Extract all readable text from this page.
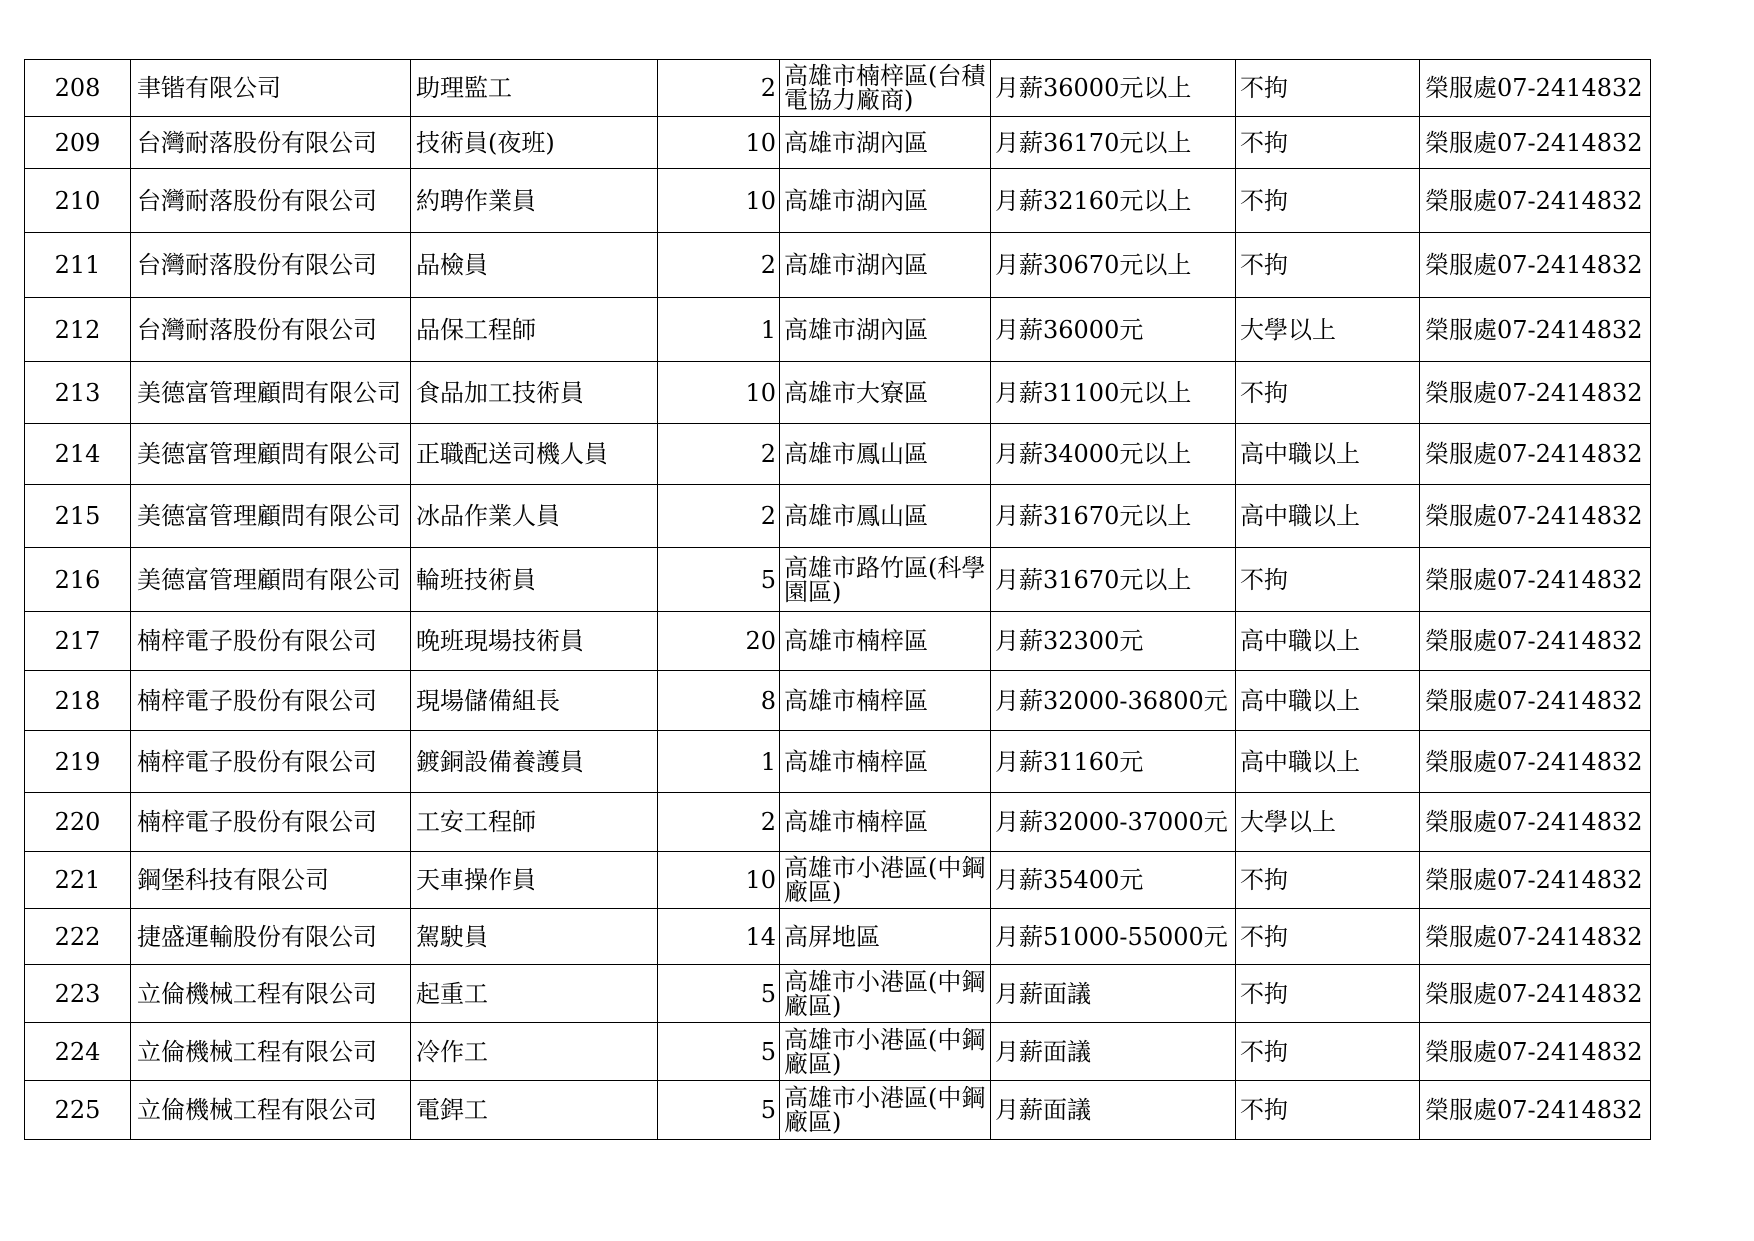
208	聿锴有限公司	助理監工	2	高雄市楠梓區(台積電協力廠商)	月薪36000元以上	不拘	榮服處07-2414832
209	台灣耐落股份有限公司	技術員(夜班)	10	高雄市湖內區	月薪36170元以上	不拘	榮服處07-2414832
210	台灣耐落股份有限公司	約聘作業員	10	高雄市湖內區	月薪32160元以上	不拘	榮服處07-2414832
211	台灣耐落股份有限公司	品檢員	2	高雄市湖內區	月薪30670元以上	不拘	榮服處07-2414832
212	台灣耐落股份有限公司	品保工程師	1	高雄市湖內區	月薪36000元	大學以上	榮服處07-2414832
213	美德富管理顧問有限公司	食品加工技術員	10	高雄市大寮區	月薪31100元以上	不拘	榮服處07-2414832
214	美德富管理顧問有限公司	正職配送司機人員	2	高雄市鳳山區	月薪34000元以上	高中職以上	榮服處07-2414832
215	美德富管理顧問有限公司	冰品作業人員	2	高雄市鳳山區	月薪31670元以上	高中職以上	榮服處07-2414832
216	美德富管理顧問有限公司	輪班技術員	5	高雄市路竹區(科學園區)	月薪31670元以上	不拘	榮服處07-2414832
217	楠梓電子股份有限公司	晚班現場技術員	20	高雄市楠梓區	月薪32300元	高中職以上	榮服處07-2414832
218	楠梓電子股份有限公司	現場儲備組長	8	高雄市楠梓區	月薪32000-36800元	高中職以上	榮服處07-2414832
219	楠梓電子股份有限公司	鍍銅設備養護員	1	高雄市楠梓區	月薪31160元	高中職以上	榮服處07-2414832
220	楠梓電子股份有限公司	工安工程師	2	高雄市楠梓區	月薪32000-37000元	大學以上	榮服處07-2414832
221	鋼堡科技有限公司	天車操作員	10	高雄市小港區(中鋼廠區)	月薪35400元	不拘	榮服處07-2414832
222	捷盛運輸股份有限公司	駕駛員	14	高屏地區	月薪51000-55000元	不拘	榮服處07-2414832
223	立倫機械工程有限公司	起重工	5	高雄市小港區(中鋼廠區)	月薪面議	不拘	榮服處07-2414832
224	立倫機械工程有限公司	冷作工	5	高雄市小港區(中鋼廠區)	月薪面議	不拘	榮服處07-2414832
225	立倫機械工程有限公司	電銲工	5	高雄市小港區(中鋼廠區)	月薪面議	不拘	榮服處07-2414832
